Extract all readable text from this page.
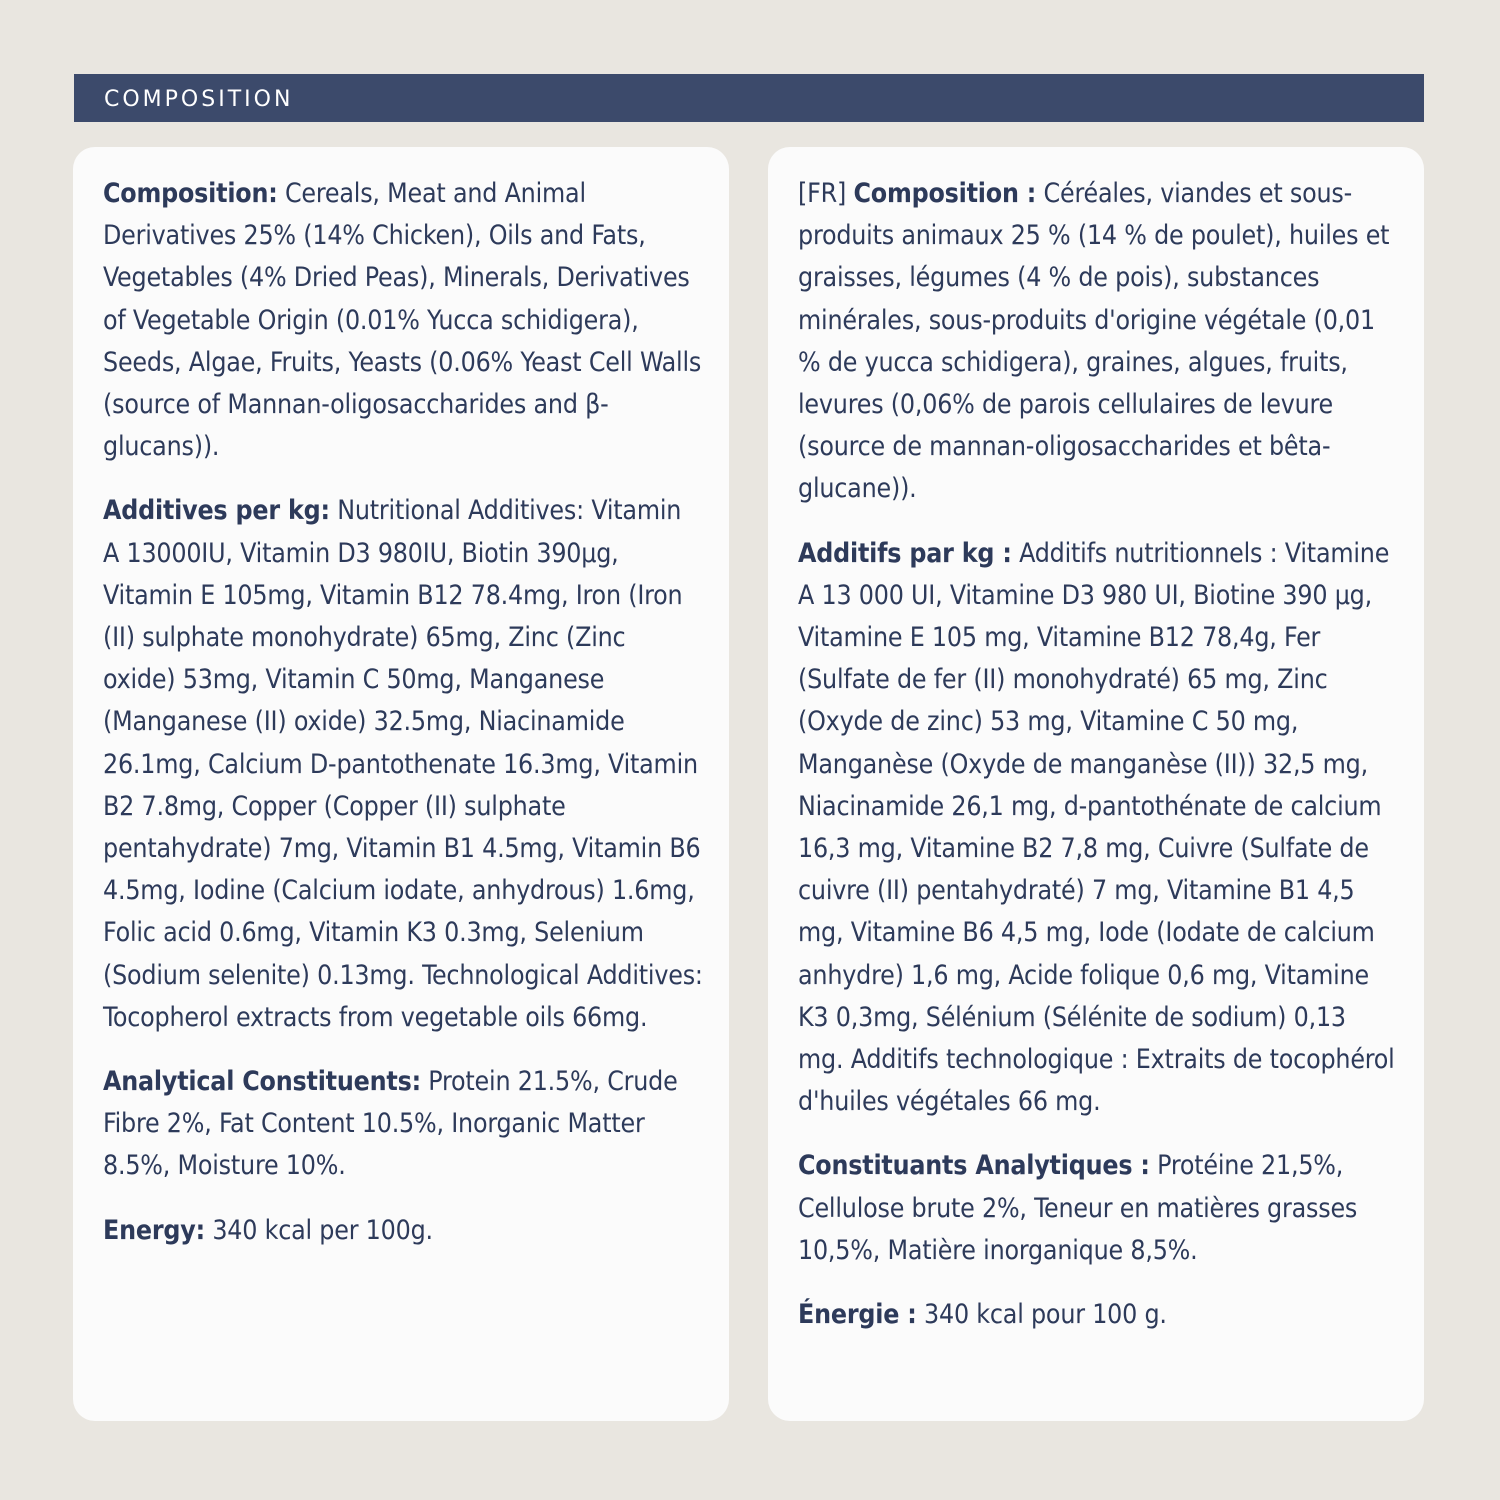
COMPOSITION

Composition: Cereals, Meat and Animal Derivatives 25% (14% Chicken), Oils and Fats, Vegetables (4% Dried Peas), Minerals, Derivatives of Vegetable Origin (0.01% Yucca schidigera), Seeds, Algae, Fruits, Yeasts (0.06% Yeast Cell Walls (source of Mannan-oligosaccharides and β-glucans)).

Additives per kg: Nutritional Additives: Vitamin A 13000IU, Vitamin D3 980IU, Biotin 390µg, Vitamin E 105mg, Vitamin B12 78.4mg, Iron (Iron (II) sulphate monohydrate) 65mg, Zinc (Zinc oxide) 53mg, Vitamin C 50mg, Manganese (Manganese (II) oxide) 32.5mg, Niacinamide 26.1mg, Calcium D-pantothenate 16.3mg, Vitamin B2 7.8mg, Copper (Copper (II) sulphate pentahydrate) 7mg, Vitamin B1 4.5mg, Vitamin B6 4.5mg, Iodine (Calcium iodate, anhydrous) 1.6mg, Folic acid 0.6mg, Vitamin K3 0.3mg, Selenium (Sodium selenite) 0.13mg. Technological Additives: Tocopherol extracts from vegetable oils 66mg.

Analytical Constituents: Protein 21.5%, Crude Fibre 2%, Fat Content 10.5%, Inorganic Matter 8.5%, Moisture 10%.

Energy: 340 kcal per 100g.

[FR] Composition : Céréales, viandes et sous-produits animaux 25 % (14 % de poulet), huiles et graisses, légumes (4 % de pois), substances minérales, sous-produits d'origine végétale (0,01 % de yucca schidigera), graines, algues, fruits, levures (0,06% de parois cellulaires de levure (source de mannan-oligosaccharides et bêta-glucane)).

Additifs par kg : Additifs nutritionnels : Vitamine A 13 000 UI, Vitamine D3 980 UI, Biotine 390 µg, Vitamine E 105 mg, Vitamine B12 78,4g, Fer (Sulfate de fer (II) monohydraté) 65 mg, Zinc (Oxyde de zinc) 53 mg, Vitamine C 50 mg, Manganèse (Oxyde de manganèse (II)) 32,5 mg, Niacinamide 26,1 mg, d-pantothénate de calcium 16,3 mg, Vitamine B2 7,8 mg, Cuivre (Sulfate de cuivre (II) pentahydraté) 7 mg, Vitamine B1 4,5 mg, Vitamine B6 4,5 mg, Iode (Iodate de calcium anhydre) 1,6 mg, Acide folique 0,6 mg, Vitamine K3 0,3mg, Sélénium (Sélénite de sodium) 0,13 mg. Additifs technologique : Extraits de tocophérol d'huiles végétales 66 mg.

Constituants Analytiques : Protéine 21,5%, Cellulose brute 2%, Teneur en matières grasses 10,5%, Matière inorganique 8,5%.

Énergie : 340 kcal pour 100 g.
